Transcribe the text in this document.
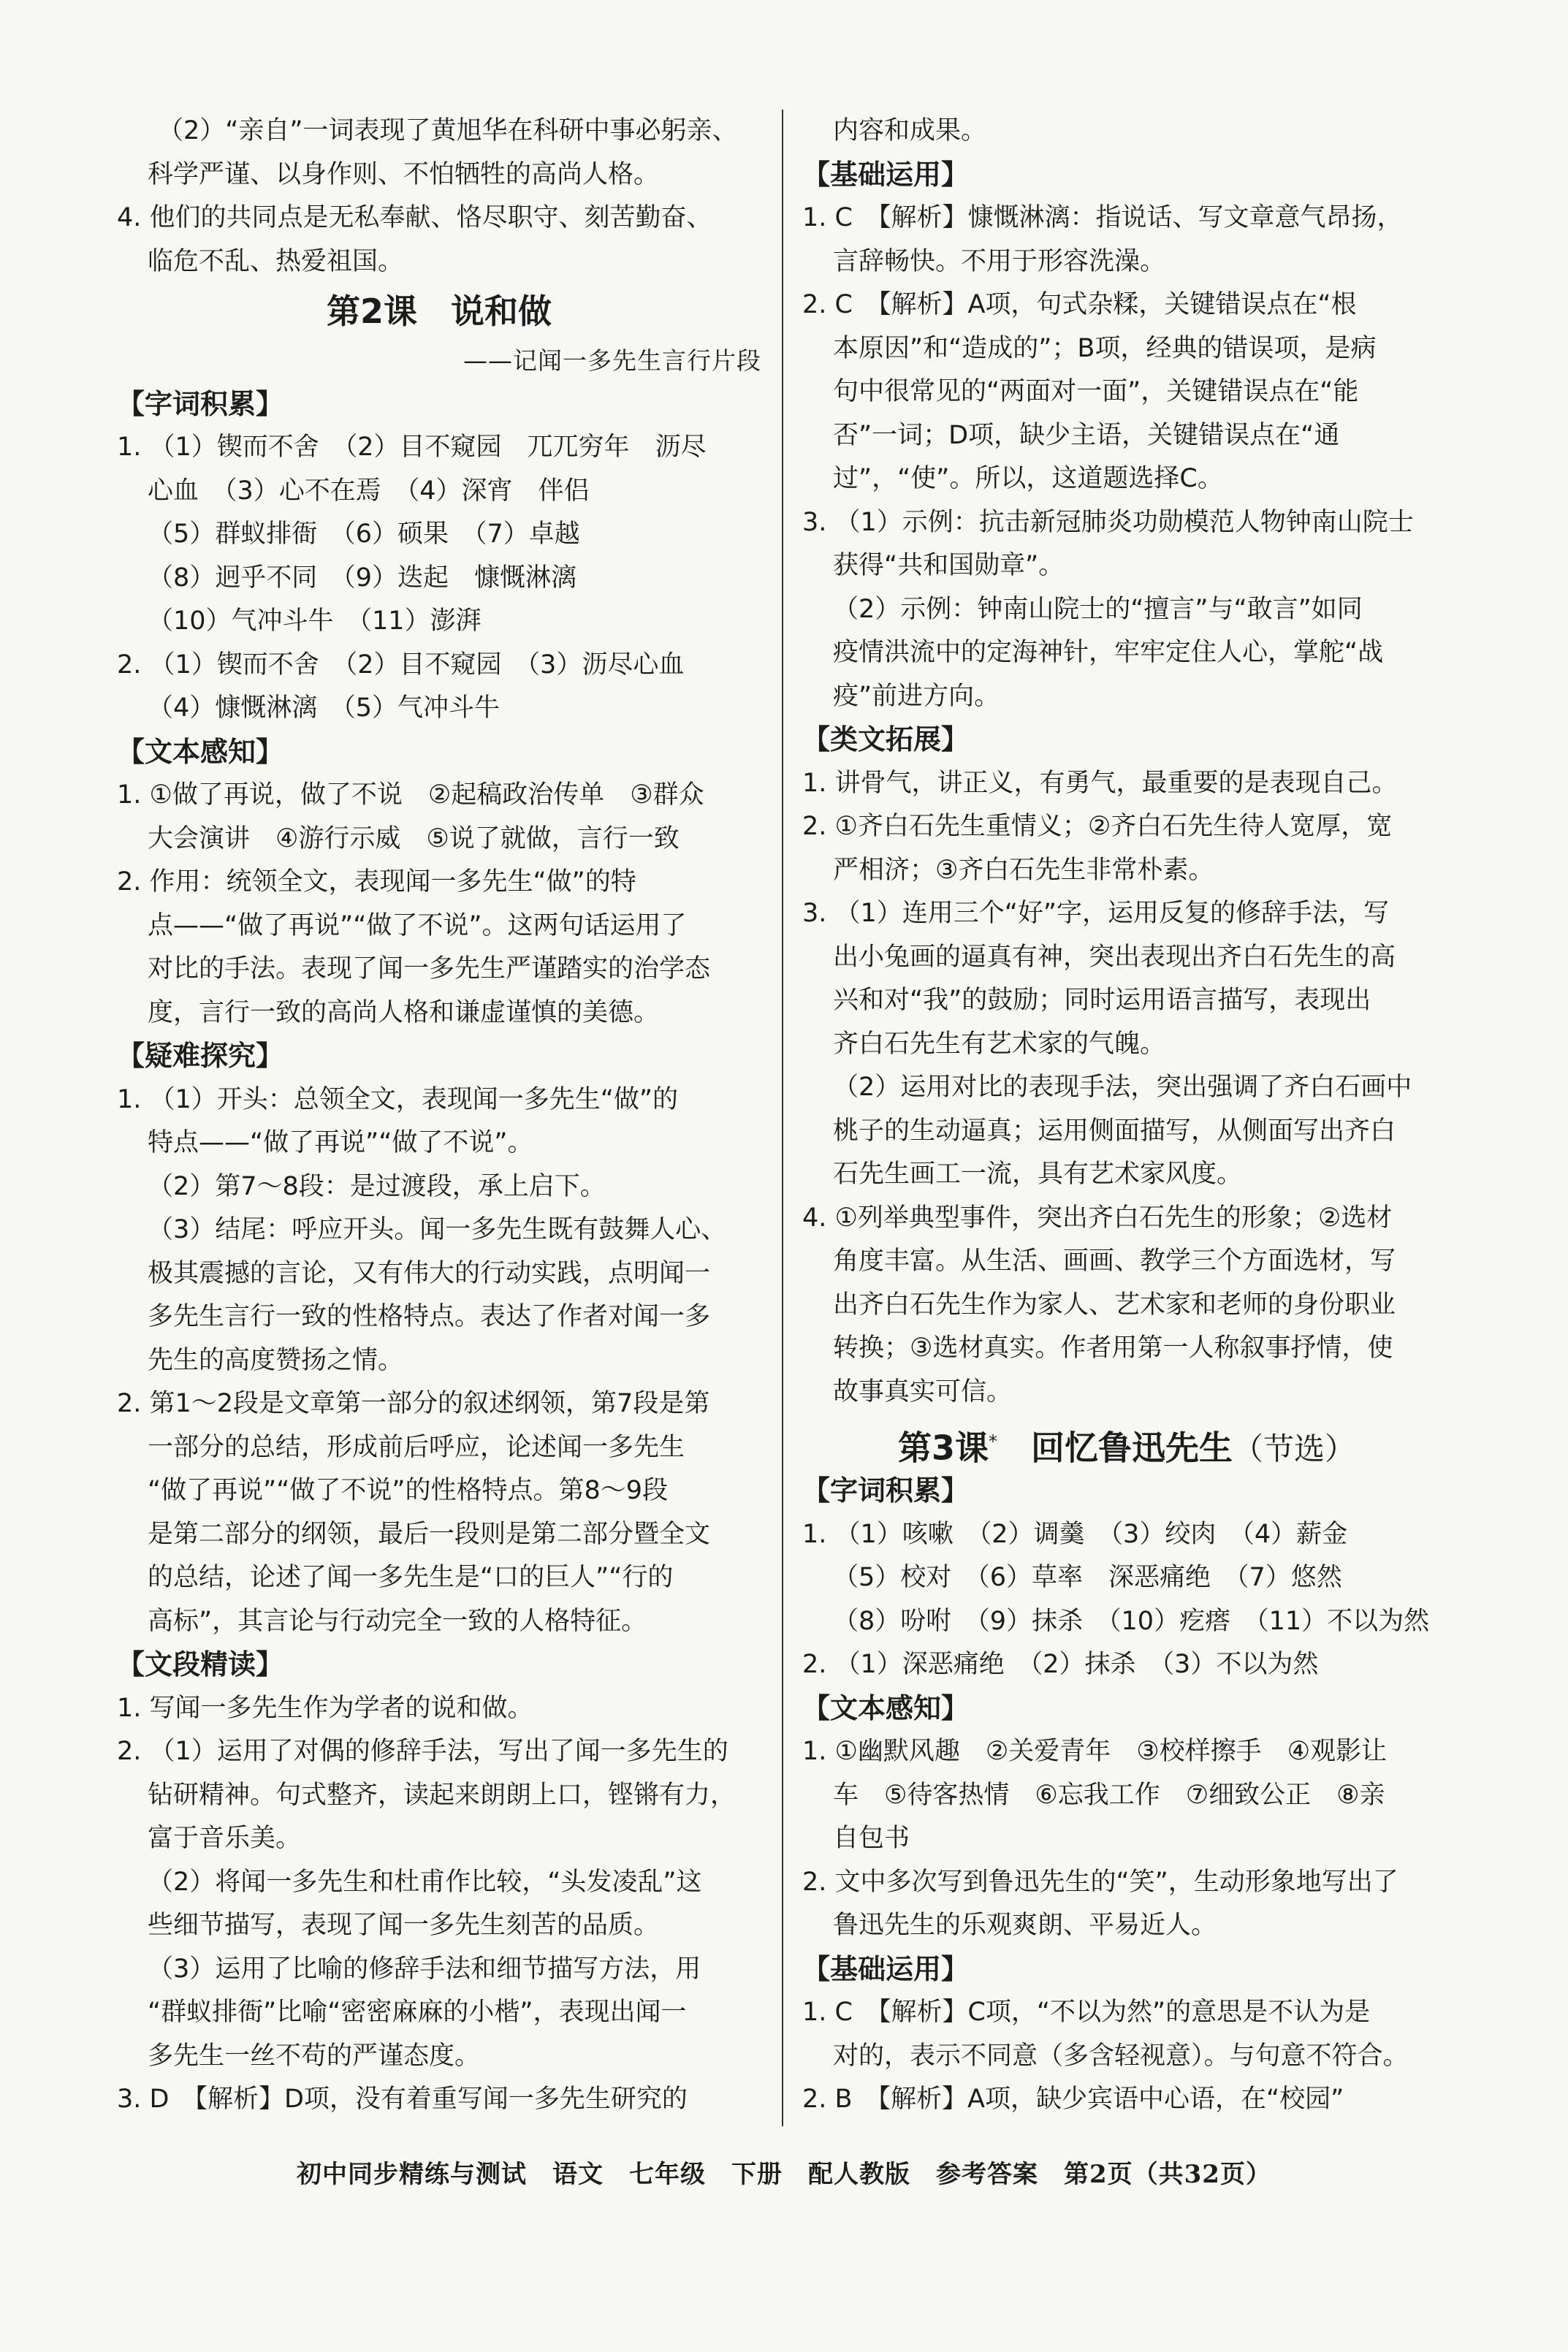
（2）“亲自”一词表现了黄旭华在科研中事必躬亲、
科学严谨、以身作则、不怕牺牲的高尚人格。
4. 他们的共同点是无私奉献、恪尽职守、刻苦勤奋、
临危不乱、热爱祖国。
第2课　说和做
——记闻一多先生言行片段
【字词积累】
1. （1）锲而不舍　（2）目不窥园　兀兀穷年　沥尽
心血　（3）心不在焉　（4）深宵　伴侣
（5）群蚁排衙　（6）硕果　（7）卓越
（8）迥乎不同　（9）迭起　慷慨淋漓
（10）气冲斗牛　（11）澎湃
2. （1）锲而不舍　（2）目不窥园　（3）沥尽心血
（4）慷慨淋漓　（5）气冲斗牛
【文本感知】
1. ①做了再说，做了不说　②起稿政治传单　③群众
大会演讲　④游行示威　⑤说了就做，言行一致
2. 作用：统领全文，表现闻一多先生“做”的特
点——“做了再说”“做了不说”。这两句话运用了
对比的手法。表现了闻一多先生严谨踏实的治学态
度，言行一致的高尚人格和谦虚谨慎的美德。
【疑难探究】
1. （1）开头：总领全文，表现闻一多先生“做”的
特点——“做了再说”“做了不说”。
（2）第7～8段：是过渡段，承上启下。
（3）结尾：呼应开头。闻一多先生既有鼓舞人心、
极其震撼的言论，又有伟大的行动实践，点明闻一
多先生言行一致的性格特点。表达了作者对闻一多
先生的高度赞扬之情。
2. 第1～2段是文章第一部分的叙述纲领，第7段是第
一部分的总结，形成前后呼应，论述闻一多先生
“做了再说”“做了不说”的性格特点。第8～9段
是第二部分的纲领，最后一段则是第二部分暨全文
的总结，论述了闻一多先生是“口的巨人”“行的
高标”，其言论与行动完全一致的人格特征。
【文段精读】
1. 写闻一多先生作为学者的说和做。
2. （1）运用了对偶的修辞手法，写出了闻一多先生的
钻研精神。句式整齐，读起来朗朗上口，铿锵有力，
富于音乐美。
（2）将闻一多先生和杜甫作比较，“头发凌乱”这
些细节描写，表现了闻一多先生刻苦的品质。
（3）运用了比喻的修辞手法和细节描写方法，用
“群蚁排衙”比喻“密密麻麻的小楷”，表现出闻一
多先生一丝不苟的严谨态度。
3. D　【解析】D项，没有着重写闻一多先生研究的
内容和成果。
【基础运用】
1. C　【解析】慷慨淋漓：指说话、写文章意气昂扬，
言辞畅快。不用于形容洗澡。
2. C　【解析】A项，句式杂糅，关键错误点在“根
本原因”和“造成的”；B项，经典的错误项，是病
句中很常见的“两面对一面”，关键错误点在“能
否”一词；D项，缺少主语，关键错误点在“通
过”，“使”。所以，这道题选择C。
3. （1）示例：抗击新冠肺炎功勋模范人物钟南山院士
获得“共和国勋章”。
（2）示例：钟南山院士的“擅言”与“敢言”如同
疫情洪流中的定海神针，牢牢定住人心，掌舵“战
疫”前进方向。
【类文拓展】
1. 讲骨气，讲正义，有勇气，最重要的是表现自己。
2. ①齐白石先生重情义；②齐白石先生待人宽厚，宽
严相济；③齐白石先生非常朴素。
3. （1）连用三个“好”字，运用反复的修辞手法，写
出小兔画的逼真有神，突出表现出齐白石先生的高
兴和对“我”的鼓励；同时运用语言描写，表现出
齐白石先生有艺术家的气魄。
（2）运用对比的表现手法，突出强调了齐白石画中
桃子的生动逼真；运用侧面描写，从侧面写出齐白
石先生画工一流，具有艺术家风度。
4. ①列举典型事件，突出齐白石先生的形象；②选材
角度丰富。从生活、画画、教学三个方面选材，写
出齐白石先生作为家人、艺术家和老师的身份职业
转换；③选材真实。作者用第一人称叙事抒情，使
故事真实可信。
第3课*　回忆鲁迅先生（节选）
【字词积累】
1. （1）咳嗽　（2）调羹　（3）绞肉　（4）薪金
（5）校对　（6）草率　深恶痛绝　（7）悠然
（8）吩咐　（9）抹杀　（10）疙瘩　（11）不以为然
2. （1）深恶痛绝　（2）抹杀　（3）不以为然
【文本感知】
1. ①幽默风趣　②关爱青年　③校样擦手　④观影让
车　⑤待客热情　⑥忘我工作　⑦细致公正　⑧亲
自包书
2. 文中多次写到鲁迅先生的“笑”，生动形象地写出了
鲁迅先生的乐观爽朗、平易近人。
【基础运用】
1. C　【解析】C项，“不以为然”的意思是不认为是
对的，表示不同意（多含轻视意）。与句意不符合。
2. B　【解析】A项，缺少宾语中心语，在“校园”
初中同步精练与测试　语文　七年级　下册　配人教版　参考答案　第2页（共32页）
